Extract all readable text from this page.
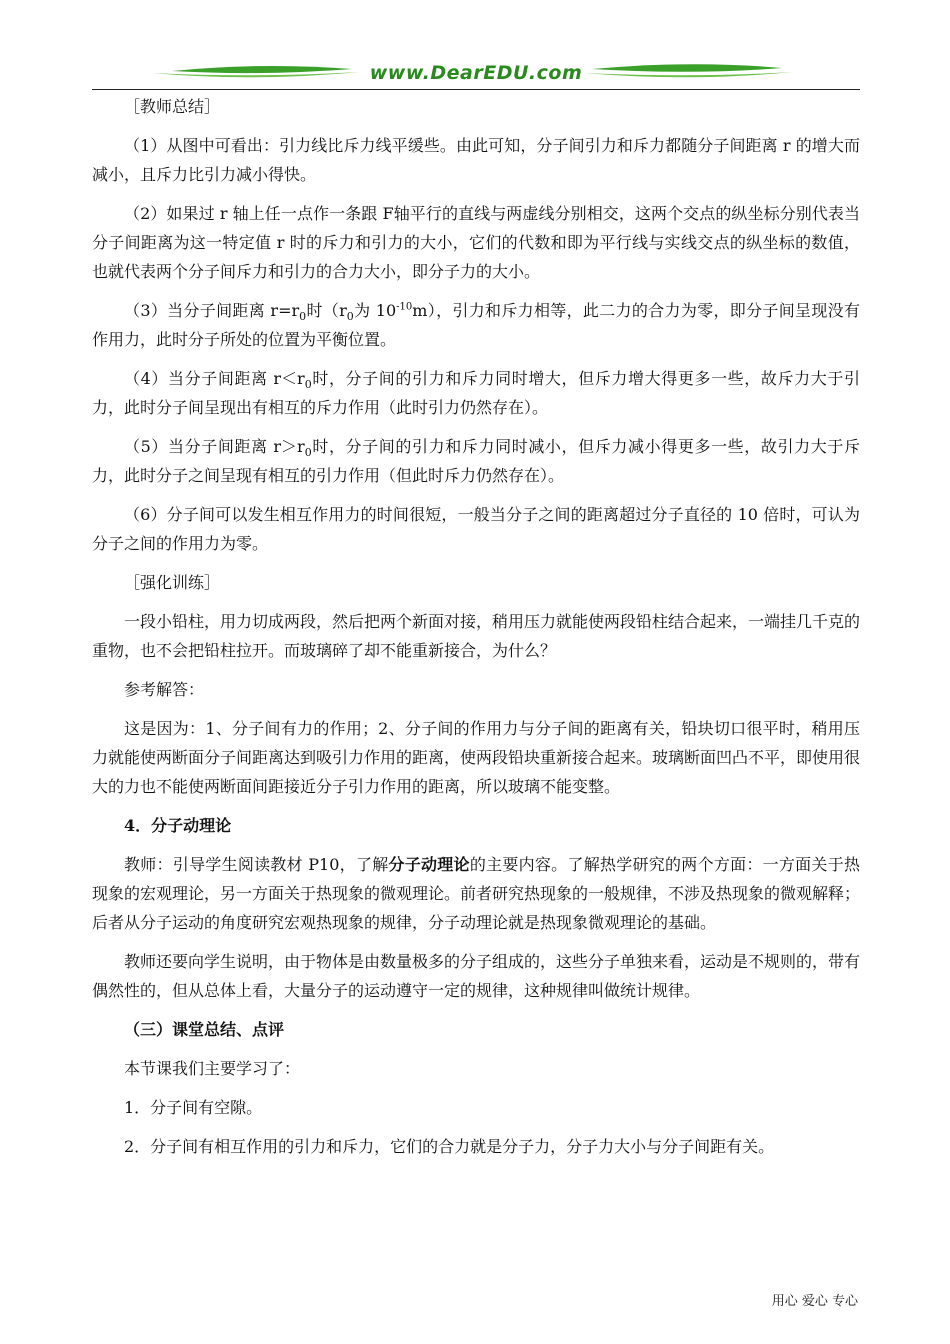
www.DearEDU.com

［教师总结］

（1）从图中可看出：引力线比斥力线平缓些。由此可知，分子间引力和斥力都随分子间距离 r 的增大而减小，且斥力比引力减小得快。

（2）如果过 r 轴上任一点作一条跟 F轴平行的直线与两虚线分别相交，这两个交点的纵坐标分别代表当分子间距离为这一特定值 r 时的斥力和引力的大小，它们的代数和即为平行线与实线交点的纵坐标的数值，也就代表两个分子间斥力和引力的合力大小，即分子力的大小。

（3）当分子间距离 $r=r_0$时（$r_0$为 $10^{-10}m$），引力和斥力相等，此二力的合力为零，即分子间呈现没有作用力，此时分子所处的位置为平衡位置。

（4）当分子间距离 $r<r_0$时，分子间的引力和斥力同时增大，但斥力增大得更多一些，故斥力大于引力，此时分子间呈现出有相互的斥力作用（此时引力仍然存在）。

（5）当分子间距离 $r>r_0$时，分子间的引力和斥力同时减小，但斥力减小得更多一些，故引力大于斥力，此时分子之间呈现有相互的引力作用（但此时斥力仍然存在）。

（6）分子间可以发生相互作用力的时间很短，一般当分子之间的距离超过分子直径的 10 倍时，可认为分子之间的作用力为零。

［强化训练］

一段小铅柱，用力切成两段，然后把两个新面对接，稍用压力就能使两段铅柱结合起来，一端挂几千克的重物，也不会把铅柱拉开。而玻璃碎了却不能重新接合，为什么？

参考解答：

这是因为：1、分子间有力的作用；2、分子间的作用力与分子间的距离有关，铅块切口很平时，稍用压力就能使两断面分子间距离达到吸引力作用的距离，使两段铅块重新接合起来。玻璃断面凹凸不平，即使用很大的力也不能使两断面间距接近分子引力作用的距离，所以玻璃不能变整。

4．分子动理论

教师：引导学生阅读教材 P10，了解分子动理论的主要内容。了解热学研究的两个方面：一方面关于热现象的宏观理论，另一方面关于热现象的微观理论。前者研究热现象的一般规律，不涉及热现象的微观解释；后者从分子运动的角度研究宏观热现象的规律，分子动理论就是热现象微观理论的基础。

教师还要向学生说明，由于物体是由数量极多的分子组成的，这些分子单独来看，运动是不规则的，带有偶然性的，但从总体上看，大量分子的运动遵守一定的规律，这种规律叫做统计规律。

（三）课堂总结、点评

本节课我们主要学习了：

1．分子间有空隙。

2．分子间有相互作用的引力和斥力，它们的合力就是分子力，分子力大小与分子间距有关。

用心 爱心 专心
